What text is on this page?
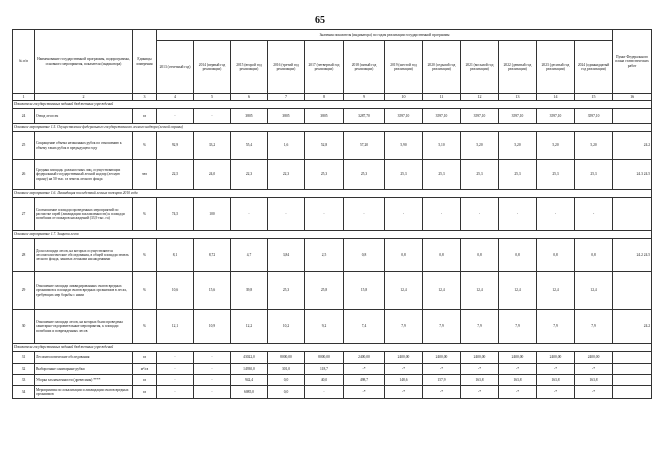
65
№ п/п	Наименование государственной программы, подпрограммы, основного мероприятия, показателя (индикатора)	Единицы измерения	Значения показателя (индикатора) по годам реализации государственной программы												Пункт Федерального плана статистических работ
			2013 (отчетный год)	2014 (первый год реализации)	2015 (второй год реализации)	2016 (третий год реализации)	2017 (четвертый год реализации)	2018 (пятый год реализации)	2019 (шестой год реализации)	2020 (седьмой год реализации)	2021 (восьмой год реализации)	2022 (девятый год реализации)	2023 (десятый год реализации)	2024 (одиннадцатый год реализации)	
1	2	3	4	5	6	7	8	9	10	11	12	13	14	15	16
Показатели государственных заданий бюджетных учреждений															
24	Отвод лесосек	га	-	-	3805	3805	3805	3287,70	3597,10	3597,10	3597,10	3597,10	3597,10	3597,10	
Основное мероприятие 1.5. Осуществление федерального государственного лесного надзора (лесной охраны)															
25	Сокращение объема незаконных рубок по отношению к объему таких рубок в предыдущем году	%	92,9	33,2	55,4	1,6	52,8	57,20	5,90	5,10	5,20	5,20	5,20	5,20	24.2
26	Средняя площадь должностных лиц, осуществляющих федеральный государственный лесной надзор (лесную охрану) на 50 тыс. га земель лесного фонда	чел	22,5	24,0	22,3	22,3	25,3	25,3	25,3	25,3	25,3	25,3	25,3	25,3	24.3 24.5
Основное мероприятие 1.6. Ликвидация последствий лесных пожаров 2010 года															
27	Соотношение площади проведенных мероприятий по расчистке гарей (ликвидации захламленности) к площади погибших от пожаров насаждений (33,9 тыс. га)	%	74,5	100	-	-	-	-	-	-	-	-	-	-	
Основное мероприятие 1.7. Защита лесов															
28	Доля площади лесов, на которых осуществляются лесопатологические обследования, в общей площади земель лесного фонда, занятых лесными насаждениями	%	8,1	8,72	4,7	3,84	2,5	0,8	0,8	0,8	0,8	0,8	0,8	0,8	24.2 24.5
29	Отношение площади ликвидированных очагов вредных организмов к площади очагов вредных организмов в лесах, требующих мер борьбы с ними	%	10,6	15,6	39,8	25,3	25,8	15,8	12,4	12,4	12,4	12,4	12,4	12,4	
30	Отношение площади лесов, на которых были проведены санитарно-оздоровительные мероприятия, к площади погибших и поврежденных лесов	%	12,1	10,9	12,2	10,2	9,2	7,4	7,9	7,9	7,9	7,9	7,9	7,9	24.2
Показатели государственных заданий бюджетных учреждений															
31	Лесопатологические обследования	га	-	-	43022,0	8000,00	8000,00	2400,00	2400,00	2400,00	2400,00	2400,00	2400,00	2400,00	
32	Выборочные санитарные рубки	м³/га	-	-	14930,0	301,0	118,7	-*	-*	-*	-*	-*	-*	-*	
33	Уборка захламленности (древесины) ****	га	-	-	942,4	0,0	40,0	498,7	148,6	157,9	163,8	163,8	163,8	163,8	
34	Мероприятия по локализации и ликвидации очагов вредных организмов	га	-	-	6085,0	0,0	-	-*	-*	-*	-*	-*	-*	-*	
